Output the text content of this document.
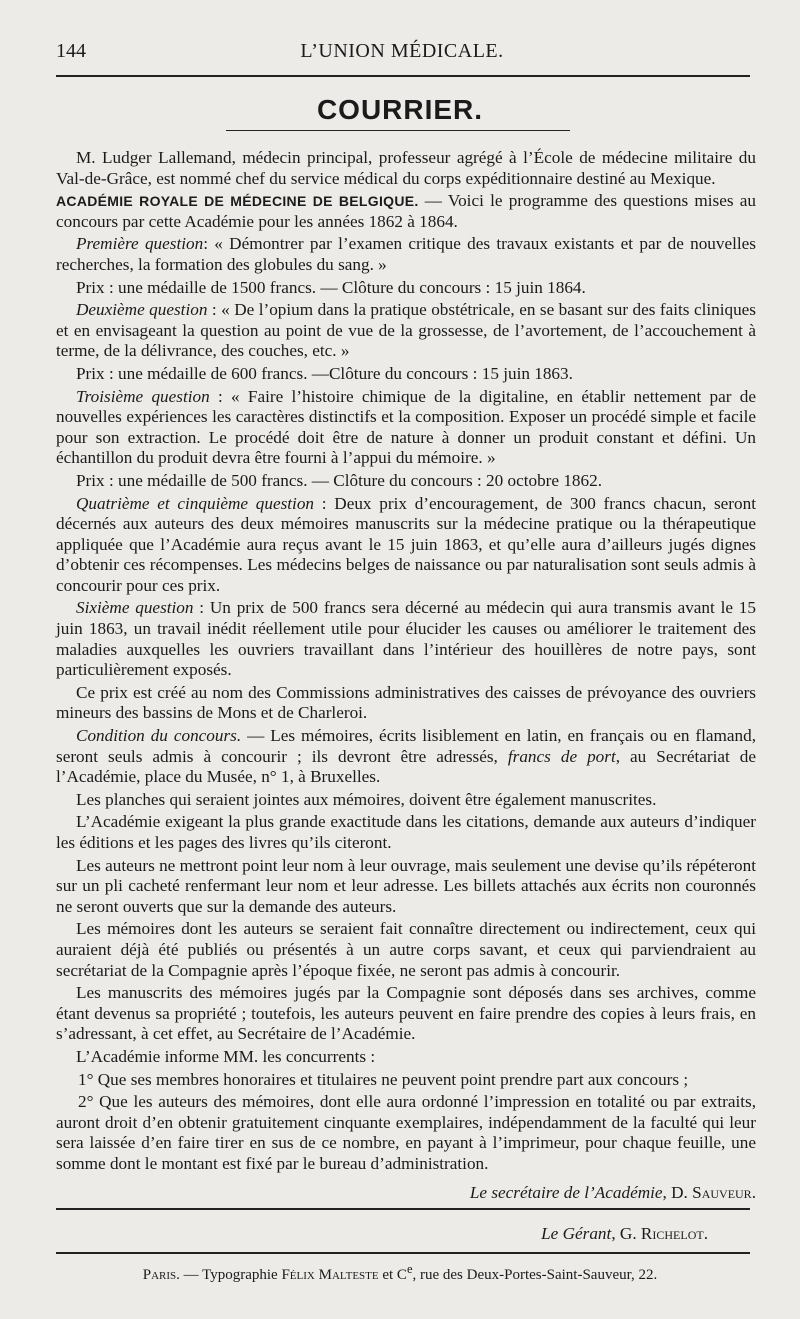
144	L’UNION MÉDICALE.
COURRIER.

M. Ludger Lallemand, médecin principal, professeur agrégé à l’École de médecine militaire du Val-de-Grâce, est nommé chef du service médical du corps expéditionnaire destiné au Mexique.

ACADÉMIE ROYALE DE MÉDECINE DE BELGIQUE. — Voici le programme des questions mises au concours par cette Académie pour les années 1862 à 1864.

Première question: « Démontrer par l’examen critique des travaux existants et par de nouvelles recherches, la formation des globules du sang. »

Prix : une médaille de 1500 francs. — Clôture du concours : 15 juin 1864.

Deuxième question : « De l’opium dans la pratique obstétricale, en se basant sur des faits cliniques et en envisageant la question au point de vue de la grossesse, de l’avortement, de l’accouchement à terme, de la délivrance, des couches, etc. »

Prix : une médaille de 600 francs. —Clôture du concours : 15 juin 1863.

Troisième question : « Faire l’histoire chimique de la digitaline, en établir nettement par de nouvelles expériences les caractères distinctifs et la composition. Exposer un procédé simple et facile pour son extraction. Le procédé doit être de nature à donner un produit constant et défini. Un échantillon du produit devra être fourni à l’appui du mémoire. »

Prix : une médaille de 500 francs. — Clôture du concours : 20 octobre 1862.

Quatrième et cinquième question : Deux prix d’encouragement, de 300 francs chacun, seront décernés aux auteurs des deux mémoires manuscrits sur la médecine pratique ou la thérapeutique appliquée que l’Académie aura reçus avant le 15 juin 1863, et qu’elle aura d’ailleurs jugés dignes d’obtenir ces récompenses. Les médecins belges de naissance ou par naturalisation sont seuls admis à concourir pour ces prix.

Sixième question : Un prix de 500 francs sera décerné au médecin qui aura transmis avant le 15 juin 1863, un travail inédit réellement utile pour élucider les causes ou améliorer le traitement des maladies auxquelles les ouvriers travaillant dans l’intérieur des houillères de notre pays, sont particulièrement exposés.

Ce prix est créé au nom des Commissions administratives des caisses de prévoyance des ouvriers mineurs des bassins de Mons et de Charleroi.

Condition du concours. — Les mémoires, écrits lisiblement en latin, en français ou en flamand, seront seuls admis à concourir ; ils devront être adressés, francs de port, au Secrétariat de l’Académie, place du Musée, n° 1, à Bruxelles.

Les planches qui seraient jointes aux mémoires, doivent être également manuscrites.

L’Académie exigeant la plus grande exactitude dans les citations, demande aux auteurs d’indiquer les éditions et les pages des livres qu’ils citeront.

Les auteurs ne mettront point leur nom à leur ouvrage, mais seulement une devise qu’ils répéteront sur un pli cacheté renfermant leur nom et leur adresse. Les billets attachés aux écrits non couronnés ne seront ouverts que sur la demande des auteurs.

Les mémoires dont les auteurs se seraient fait connaître directement ou indirectement, ceux qui auraient déjà été publiés ou présentés à un autre corps savant, et ceux qui parviendraient au secrétariat de la Compagnie après l’époque fixée, ne seront pas admis à concourir.

Les manuscrits des mémoires jugés par la Compagnie sont déposés dans ses archives, comme étant devenus sa propriété ; toutefois, les auteurs peuvent en faire prendre des copies à leurs frais, en s’adressant, à cet effet, au Secrétaire de l’Académie.

L’Académie informe MM. les concurrents :

1° Que ses membres honoraires et titulaires ne peuvent point prendre part aux concours ;

2° Que les auteurs des mémoires, dont elle aura ordonné l’impression en totalité ou par extraits, auront droit d’en obtenir gratuitement cinquante exemplaires, indépendamment de la faculté qui leur sera laissée d’en faire tirer en sus de ce nombre, en payant à l’imprimeur, pour chaque feuille, une somme dont le montant est fixé par le bureau d’administration.

Le secrétaire de l’Académie, D. Sauveur.
Le Gérant, G. Richelot.
Paris. — Typographie Félix Malteste et Ce, rue des Deux-Portes-Saint-Sauveur, 22.
